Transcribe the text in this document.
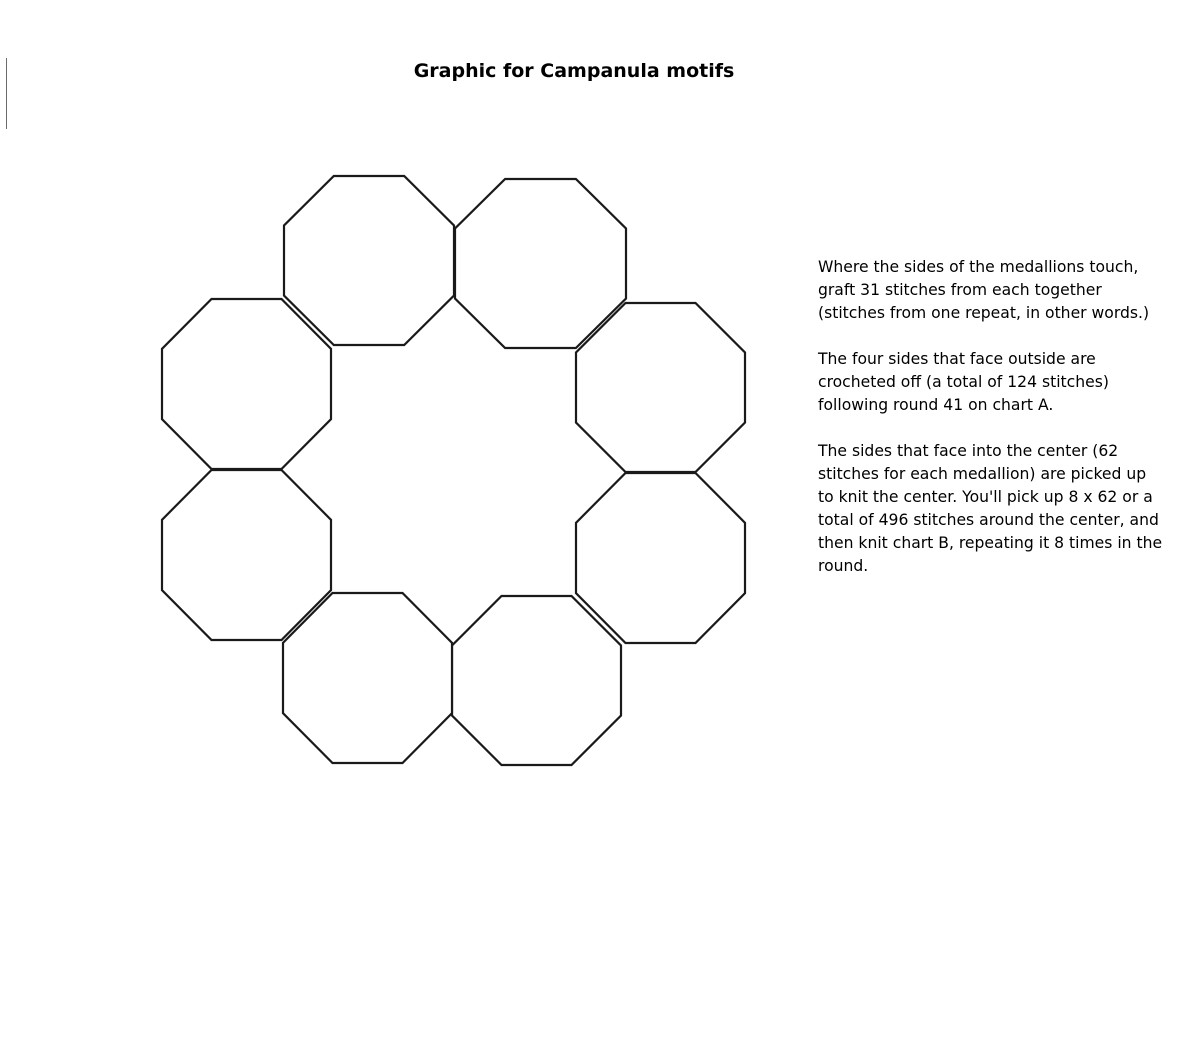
Graphic for Campanula motifs

Where the sides of the medallions touch, graft 31 stitches from each together (stitches from one repeat, in other words.)

The four sides that face outside are crocheted off (a total of 124 stitches) following round 41 on chart A.

The sides that face into the center (62 stitches for each medallion) are picked up to knit the center. You'll pick up 8 x 62 or a total of 496 stitches around the center, and then knit chart B, repeating it 8 times in the round.
